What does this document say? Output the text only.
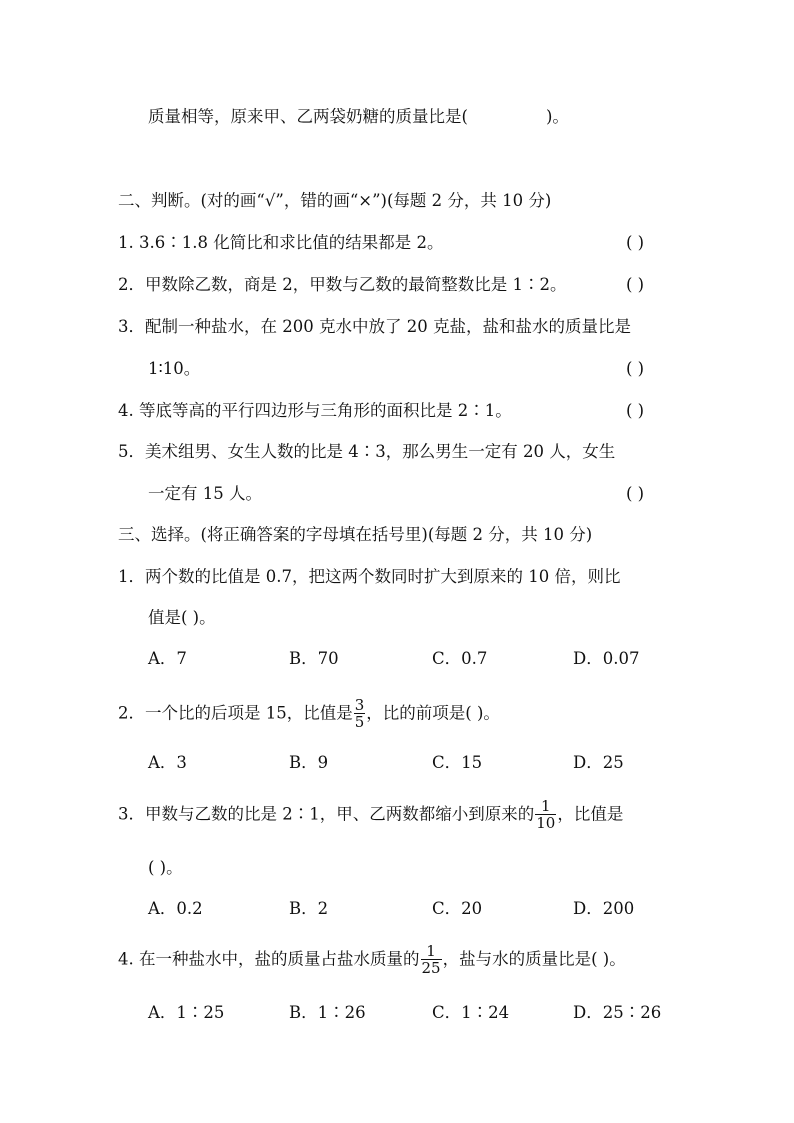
质量相等，原来甲、乙两袋奶糖的质量比是(	)。
二、判断。(对的画“√”，错的画“×”)(每题 2 分，共 10 分)
1. 3.6∶1.8 化简比和求比值的结果都是 2。	( )
2．甲数除乙数，商是 2，甲数与乙数的最简整数比是 1∶2。	( )
3．配制一种盐水，在 200 克水中放了 20 克盐，盐和盐水的质量比是
1∶10。	( )
4. 等底等高的平行四边形与三角形的面积比是 2∶1。	( )
5．美术组男、女生人数的比是 4∶3，那么男生一定有 20 人，女生
一定有 15 人。	( )
三、选择。(将正确答案的字母填在括号里)(每题 2 分，共 10 分)
1．两个数的比值是 0.7，把这两个数同时扩大到原来的 10 倍，则比
值是( )。
A．7	B．70	C．0.7	D．0.07
2．一个比的后项是 15，比值是 $\frac{3}{5}$ ，比的前项是( )。
A．3	B．9	C．15	D．25
3．甲数与乙数的比是 2∶1，甲、乙两数都缩小到原来的 $\frac{1}{10}$ ，比值是
( )。
A．0.2	B．2	C．20	D．200
4. 在一种盐水中，盐的质量占盐水质量的 $\frac{1}{25}$ ，盐与水的质量比是( )。
A．1∶25	B．1∶26	C．1∶24	D．25∶26
